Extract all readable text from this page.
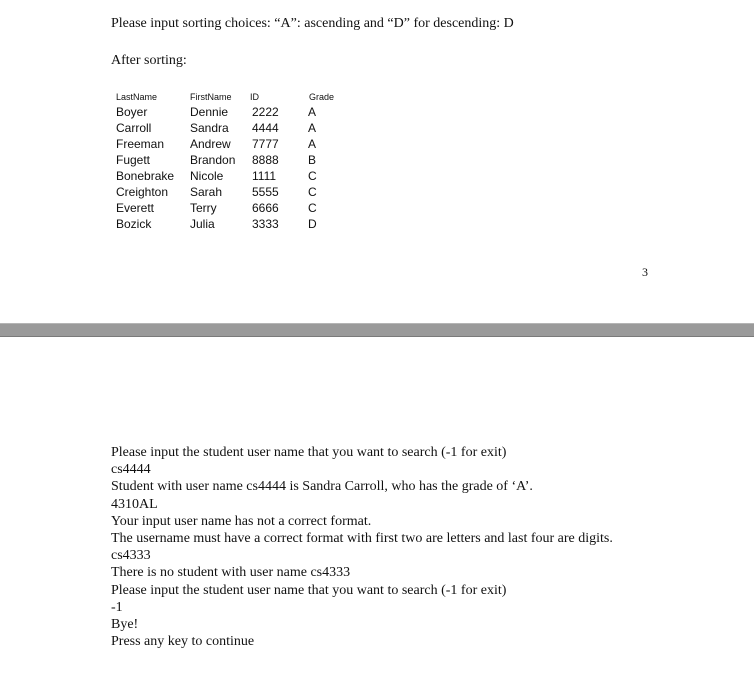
Please input sorting choices: “A”: ascending and “D” for descending: D
After sorting:
LastName	FirstName ID	Grade
Boyer	Dennie 2222 A
Carroll	Sandra 4444 A
Freeman Andrew 7777 A
Fugett	Brandon 8888 B
Bonebrake Nicole 1111	C
Creighton Sarah 5555 C
Everett	Terry	6666 C
Bozick	Julia	3333 D
3
Please input the student user name that you want to search (-1 for exit)
cs4444
Student with user name cs4444 is Sandra Carroll, who has the grade of ‘A’.
4310AL
Your input user name has not a correct format.
The username must have a correct format with first two are letters and last four are digits.
cs4333
There is no student with user name cs4333
Please input the student user name that you want to search (-1 for exit)
-1
Bye!
Press any key to continue
